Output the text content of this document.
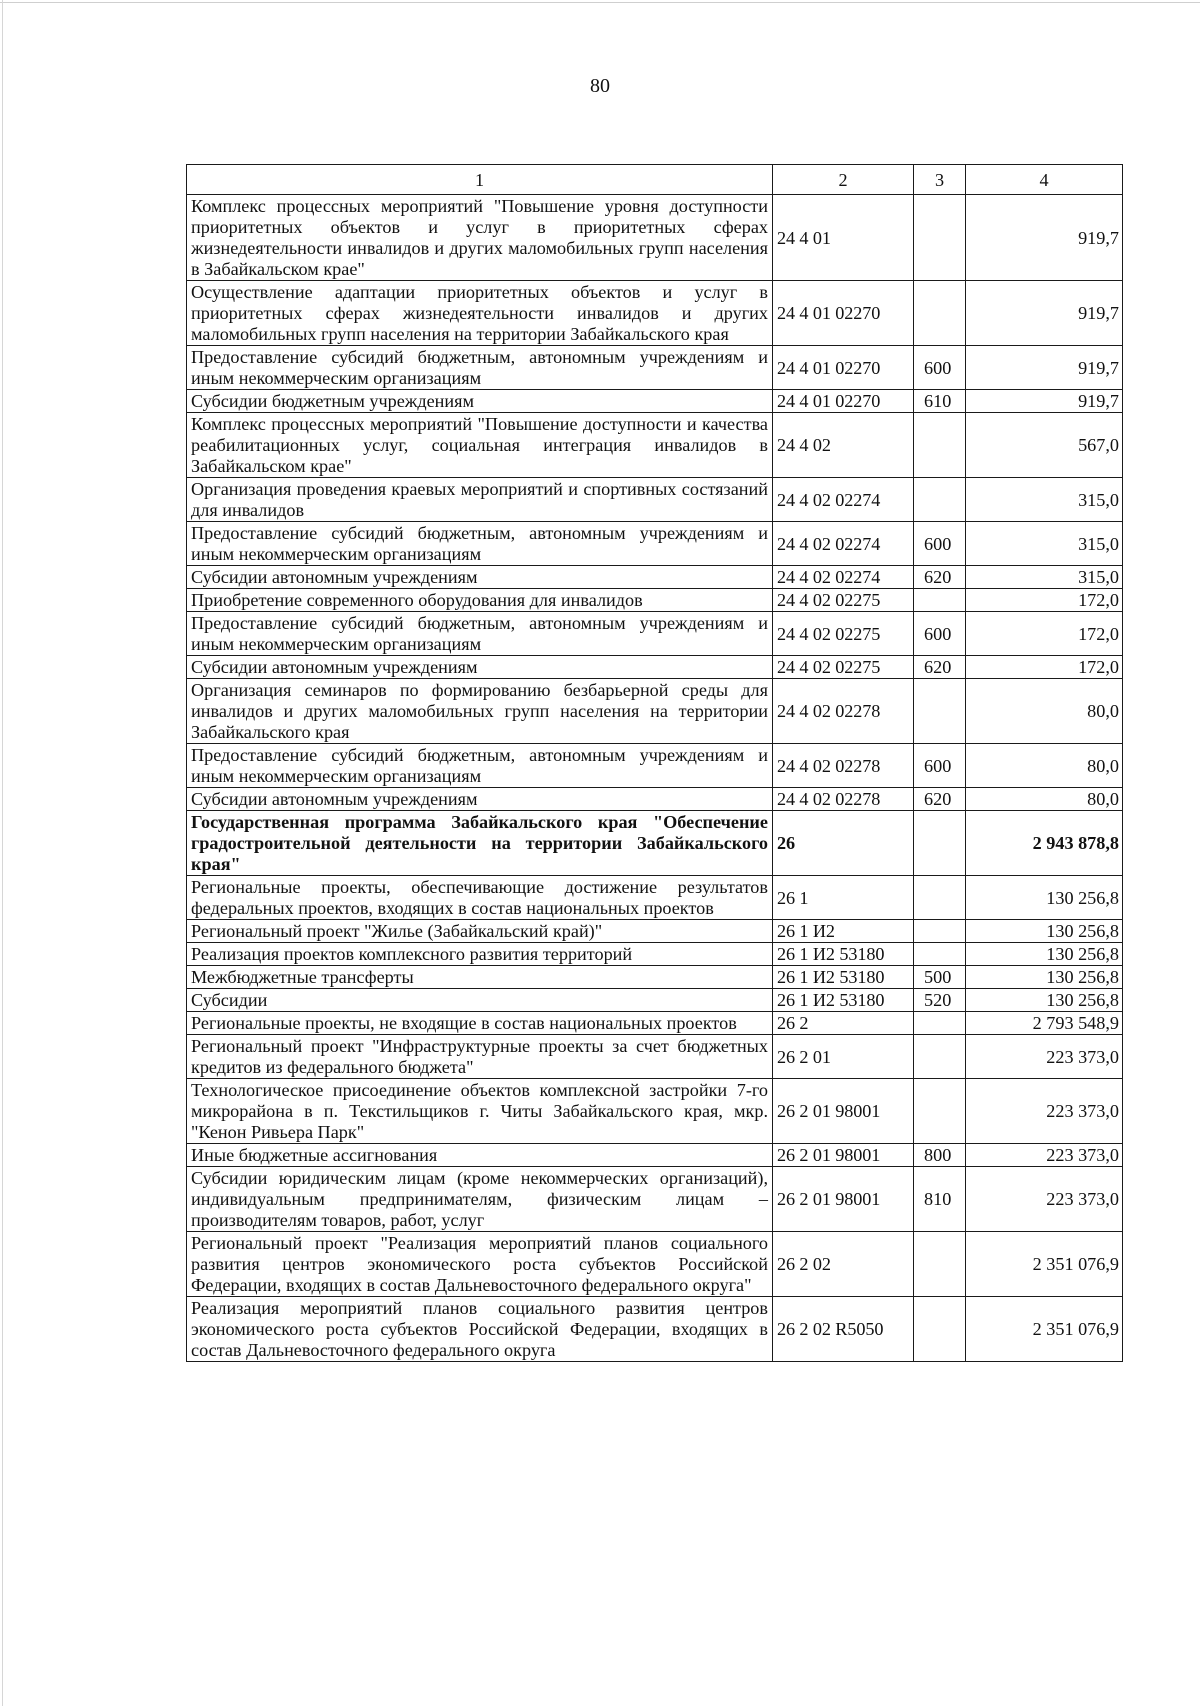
80
1	2	3	4
Комплекс процессных мероприятий "Повышение уровня доступности приоритетных объектов и услуг в приоритетных сферах жизнедеятельности инвалидов и других маломобильных групп населения в Забайкальском крае"	24 4 01		919,7
Осуществление адаптации приоритетных объектов и услуг в приоритетных сферах жизнедеятельности инвалидов и других маломобильных групп населения на территории Забайкальского края	24 4 01 02270		919,7
Предоставление субсидий бюджетным, автономным учреждениям и иным некоммерческим организациям	24 4 01 02270	600	919,7
Субсидии бюджетным учреждениям	24 4 01 02270	610	919,7
Комплекс процессных мероприятий "Повышение доступности и качества реабилитационных услуг, социальная интеграция инвалидов в Забайкальском крае"	24 4 02		567,0
Организация проведения краевых мероприятий и спортивных состязаний для инвалидов	24 4 02 02274		315,0
Предоставление субсидий бюджетным, автономным учреждениям и иным некоммерческим организациям	24 4 02 02274	600	315,0
Субсидии автономным учреждениям	24 4 02 02274	620	315,0
Приобретение современного оборудования для инвалидов	24 4 02 02275		172,0
Предоставление субсидий бюджетным, автономным учреждениям и иным некоммерческим организациям	24 4 02 02275	600	172,0
Субсидии автономным учреждениям	24 4 02 02275	620	172,0
Организация семинаров по формированию безбарьерной среды для инвалидов и других маломобильных групп населения на территории Забайкальского края	24 4 02 02278		80,0
Предоставление субсидий бюджетным, автономным учреждениям и иным некоммерческим организациям	24 4 02 02278	600	80,0
Субсидии автономным учреждениям	24 4 02 02278	620	80,0
Государственная программа Забайкальского края "Обеспечение градостроительной деятельности на территории Забайкальского края"	26		2 943 878,8
Региональные проекты, обеспечивающие достижение результатов федеральных проектов, входящих в состав национальных проектов	26 1		130 256,8
Региональный проект "Жилье (Забайкальский край)"	26 1 И2		130 256,8
Реализация проектов комплексного развития территорий	26 1 И2 53180		130 256,8
Межбюджетные трансферты	26 1 И2 53180	500	130 256,8
Субсидии	26 1 И2 53180	520	130 256,8
Региональные проекты, не входящие в состав национальных проектов	26 2		2 793 548,9
Региональный проект "Инфраструктурные проекты за счет бюджетных кредитов из федерального бюджета"	26 2 01		223 373,0
Технологическое присоединение объектов комплексной застройки 7-го микрорайона в п. Текстильщиков г. Читы Забайкальского края, мкр. "Кенон Ривьера Парк"	26 2 01 98001		223 373,0
Иные бюджетные ассигнования	26 2 01 98001	800	223 373,0
Субсидии юридическим лицам (кроме некоммерческих организаций), индивидуальным предпринимателям, физическим лицам – производителям товаров, работ, услуг	26 2 01 98001	810	223 373,0
Региональный проект "Реализация мероприятий планов социального развития центров экономического роста субъектов Российской Федерации, входящих в состав Дальневосточного федерального округа"	26 2 02		2 351 076,9
Реализация мероприятий планов социального развития центров экономического роста субъектов Российской Федерации, входящих в состав Дальневосточного федерального округа	26 2 02 R5050		2 351 076,9
